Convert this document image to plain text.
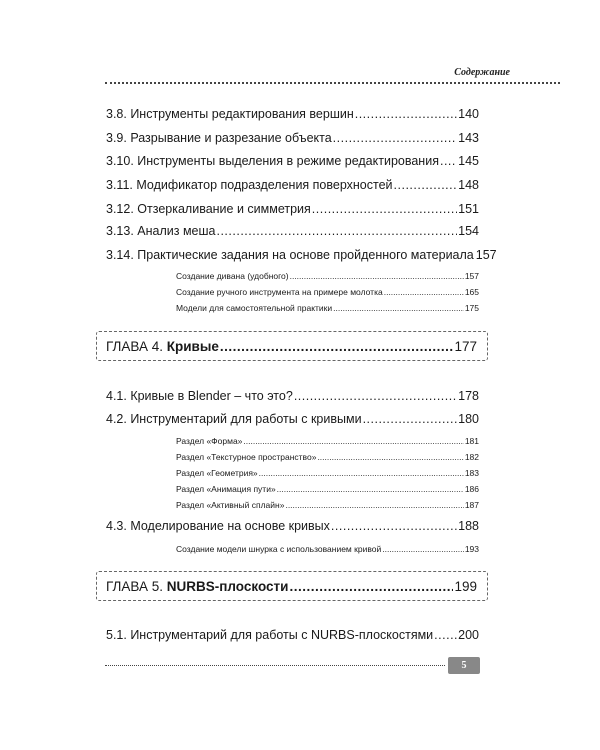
Содержание
3.8. Инструменты редактирования вершин .....	140
3.9. Разрывание и разрезание объекта .....	143
3.10. Инструменты выделения в режиме редактирования ..... 145
3.11. Модификатор подразделения поверхностей .....	148
3.12. Отзеркаливание и симметрия .....	151
3.13. Анализ меша .....	154
3.14. Практические задания на основе пройденного материала 157
Создание дивана (удобного) .....	157
Создание ручного инструмента на примере молотка .....	165
Модели для самостоятельной практики .....	175
4.1. Кривые в Blender – что это? .....	178
4.2. Инструментарий для работы с кривыми .....	180
Раздел «Форма» .....	181
Раздел «Текстурное пространство» .....	182
Раздел «Геометрия» .....	183
Раздел «Анимация пути» .....	186
Раздел «Активный сплайн» .....	187
4.3. Моделирование на основе кривых .....	188
Создание модели шнурка с использованием кривой .....	193
5.1. Инструментарий для работы с NURBS-плоскостями ..... 200
ГЛАВА 4. Кривые .....	177
ГЛАВА 5. NURBS-плоскости .....	199
5
